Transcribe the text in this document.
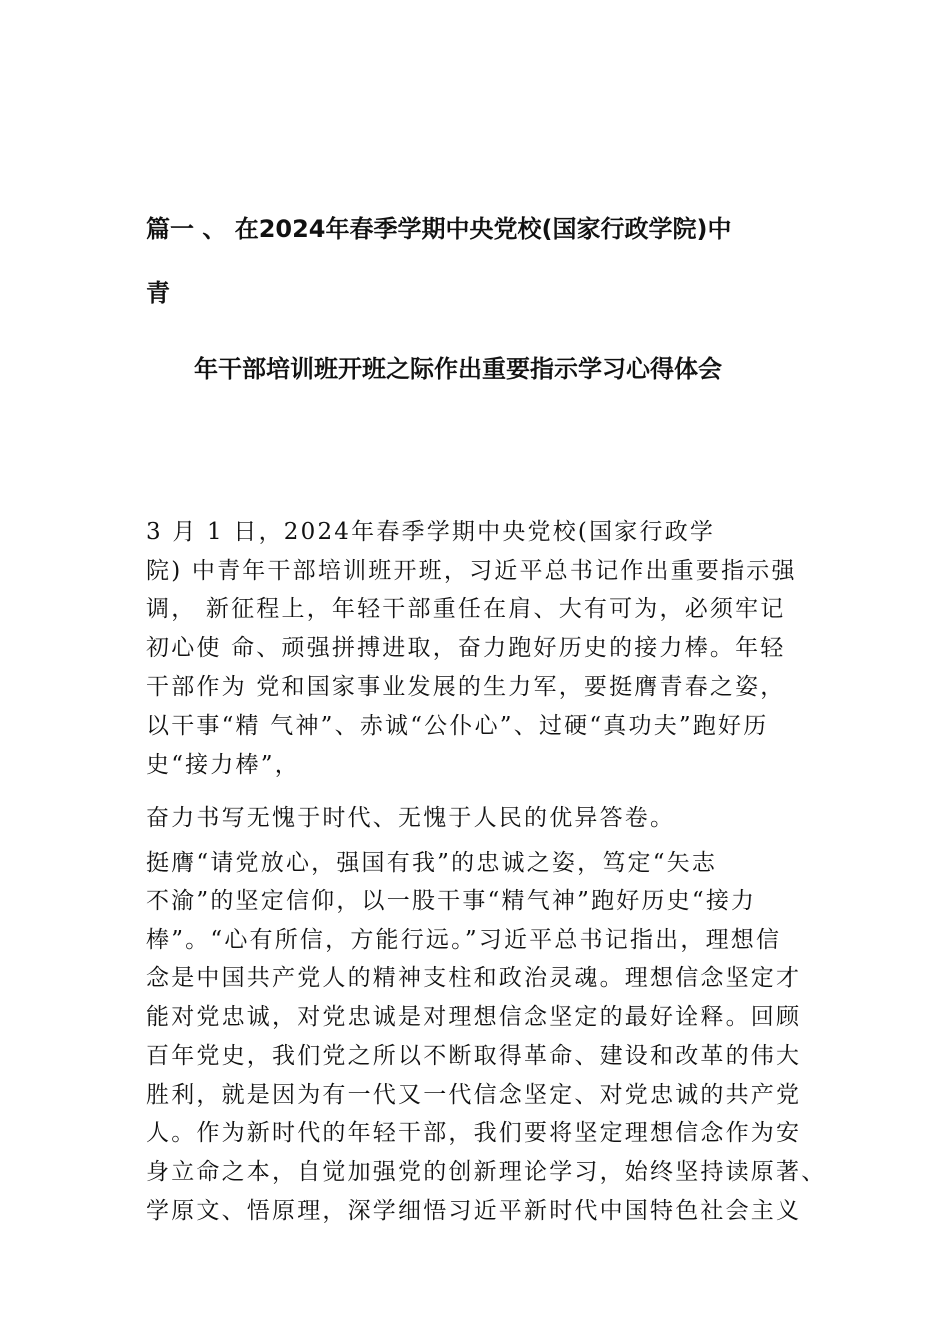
篇一 、 在2024年春季学期中央党校(国家行政学院)中
青
年干部培训班开班之际作出重要指示学习心得体会
3 月 1 日，2024年春季学期中央党校(国家行政学
院) 中青年干部培训班开班，习近平总书记作出重要指示强
调， 新征程上，年轻干部重任在肩、大有可为，必须牢记
初心使 命、顽强拼搏进取，奋力跑好历史的接力棒。年轻
干部作为 党和国家事业发展的生力军，要挺膺青春之姿，
以干事“精 气神”、赤诚“公仆心”、过硬“真功夫”跑好历
史“接力棒”，
奋力书写无愧于时代、无愧于人民的优异答卷。
挺膺“请党放心，强国有我”的忠诚之姿，笃定“矢志
不渝”的坚定信仰，以一股干事“精气神”跑好历史“接力
棒”。“心有所信，方能行远。”习近平总书记指出，理想信
念是中国共产党人的精神支柱和政治灵魂。理想信念坚定才
能对党忠诚，对党忠诚是对理想信念坚定的最好诠释。回顾
百年党史，我们党之所以不断取得革命、建设和改革的伟大
胜利，就是因为有一代又一代信念坚定、对党忠诚的共产党
人。作为新时代的年轻干部，我们要将坚定理想信念作为安
身立命之本，自觉加强党的创新理论学习，始终坚持读原著、
学原文、悟原理，深学细悟习近平新时代中国特色社会主义
